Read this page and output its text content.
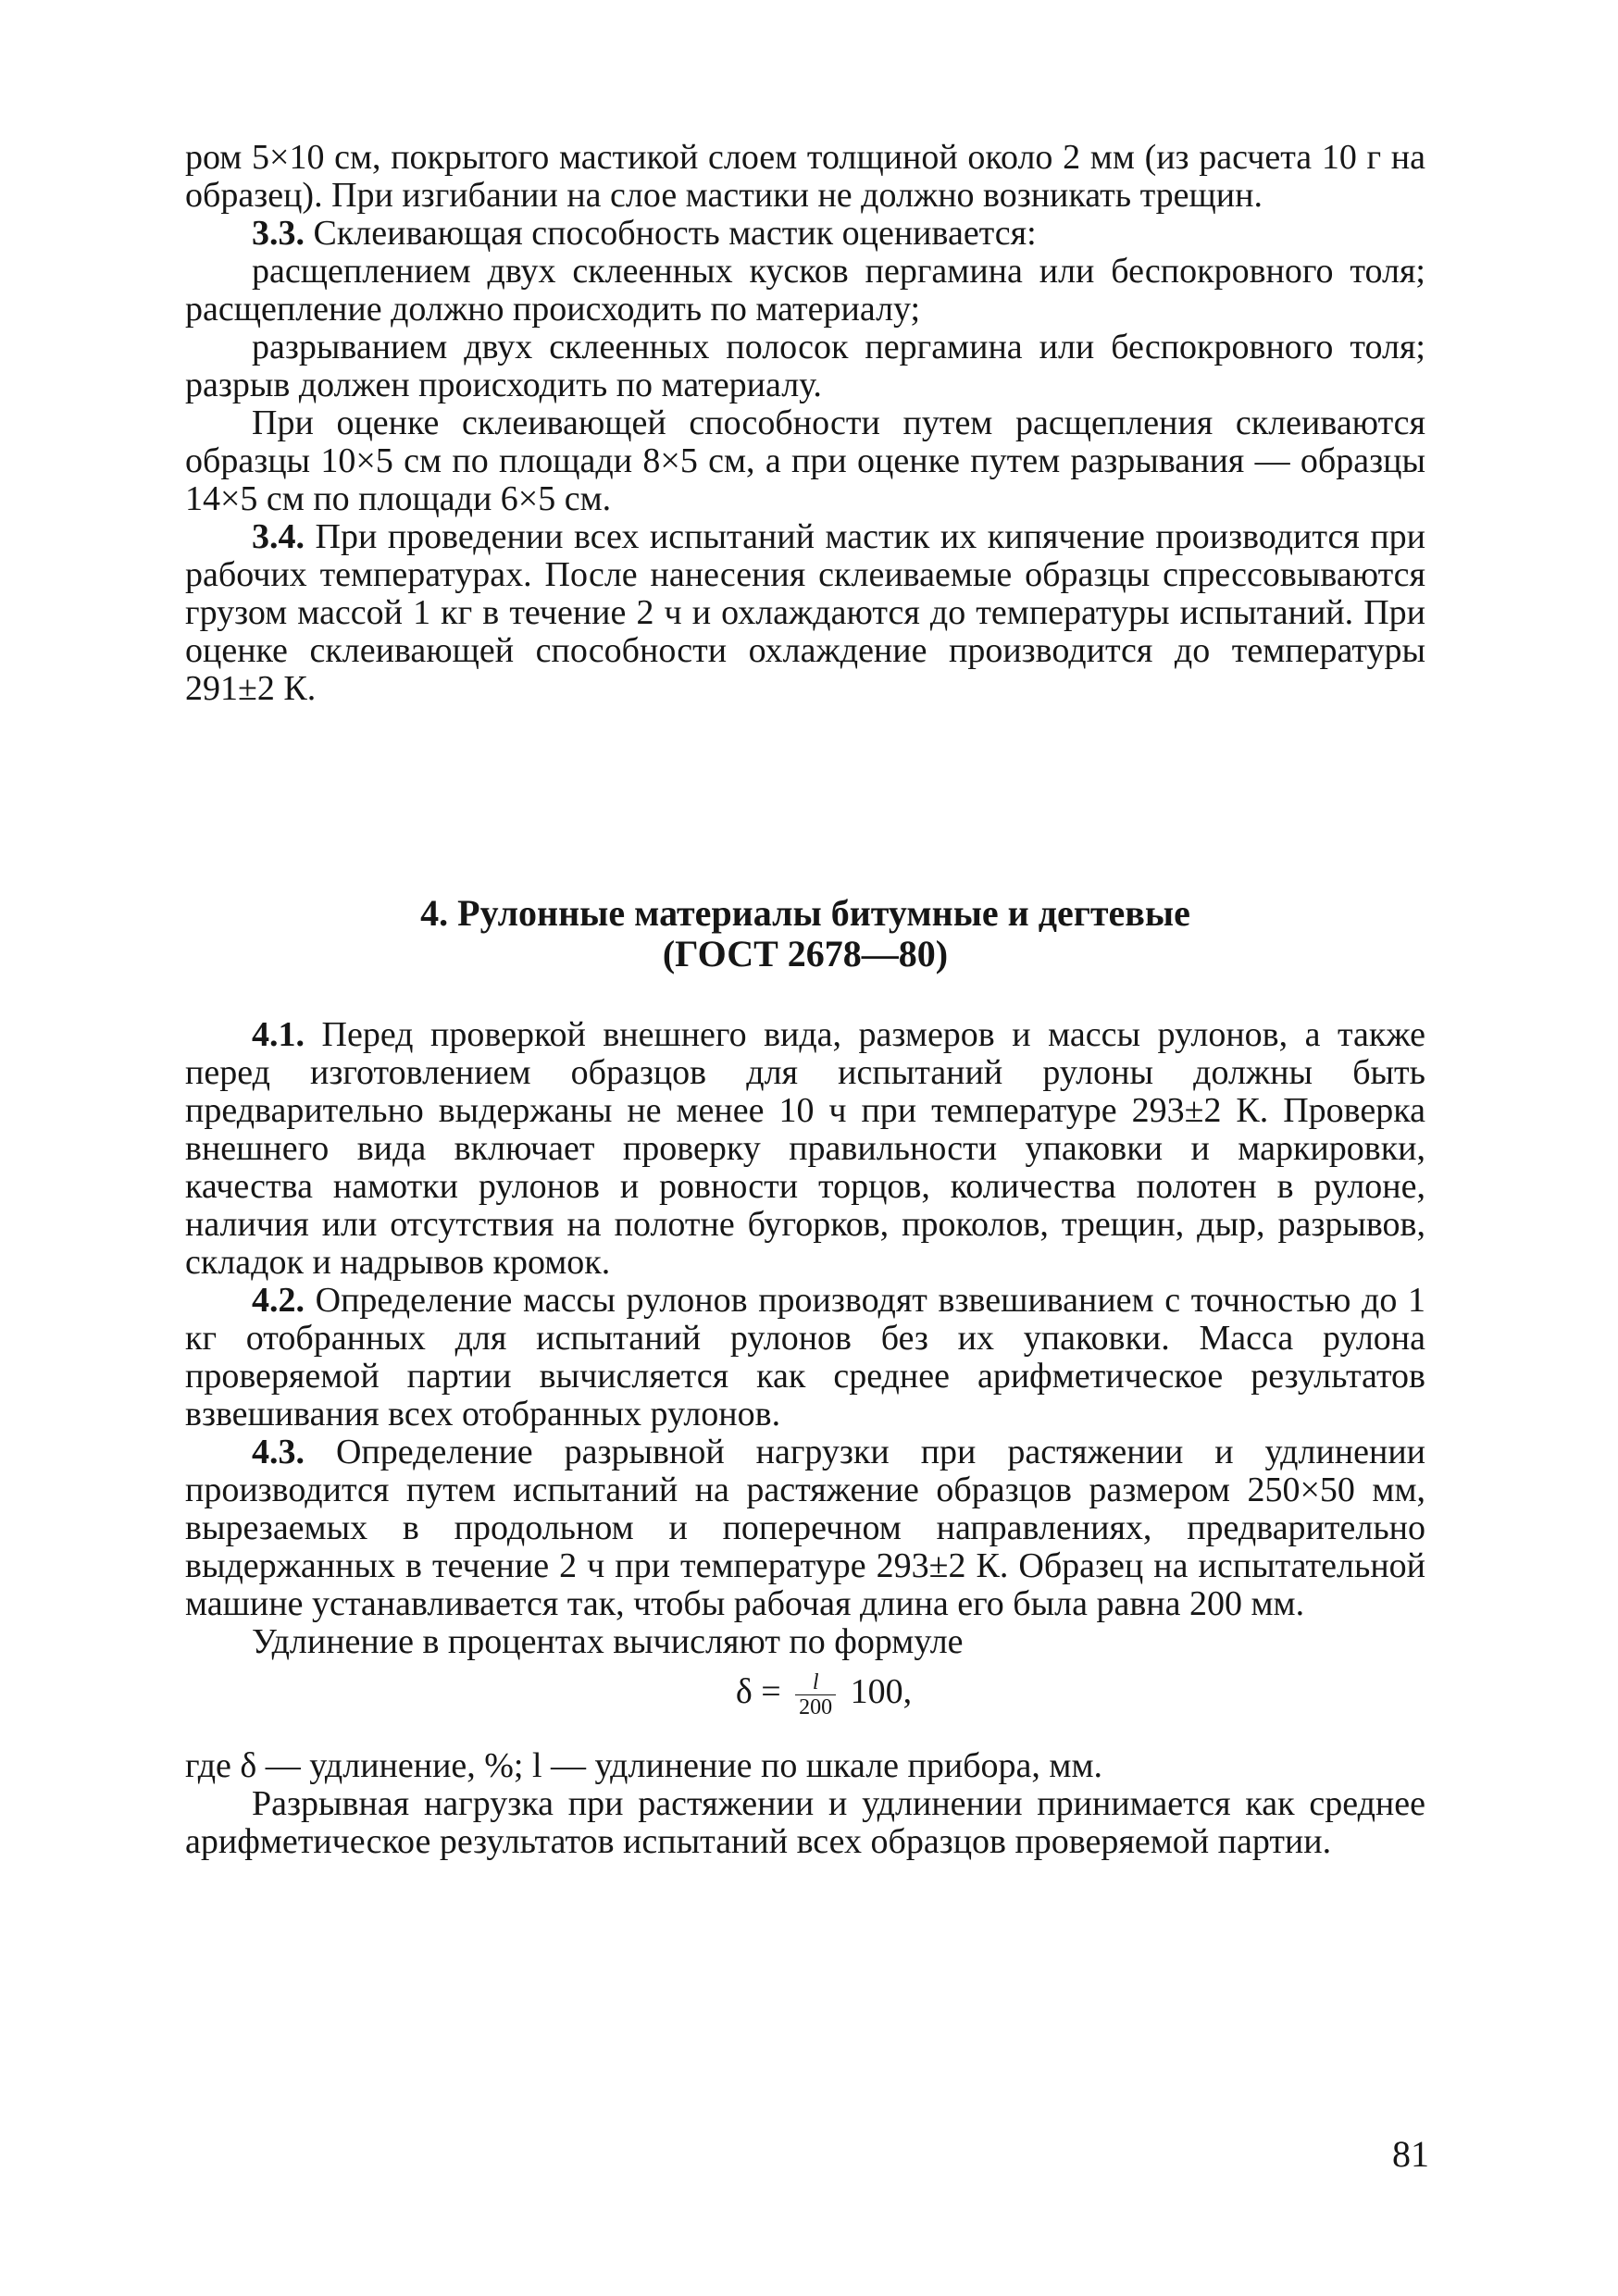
ром 5×10 см, покрытого мастикой слоем толщиной около 2 мм (из расчета 10 г на образец). При изгибании на слое мастики не должно возникать трещин.

3.3. Склеивающая способность мастик оценивается:

расщеплением двух склеенных кусков пергамина или беспокровного толя; расщепление должно происходить по материалу;

разрыванием двух склеенных полосок пергамина или беспокровного толя; разрыв должен происходить по материалу.

При оценке склеивающей способности путем расщепления склеиваются образцы 10×5 см по площади 8×5 см, а при оценке путем разрывания — образцы 14×5 см по площади 6×5 см.

3.4. При проведении всех испытаний мастик их кипячение производится при рабочих температурах. После нанесения склеиваемые образцы спрессовываются грузом массой 1 кг в течение 2 ч и охлаждаются до температуры испытаний. При оценке склеивающей способности охлаждение производится до температуры 291±2 К.

4. Рулонные материалы битумные и дегтевые
(ГОСТ 2678—80)

4.1. Перед проверкой внешнего вида, размеров и массы рулонов, а также перед изготовлением образцов для испытаний рулоны должны быть предварительно выдержаны не менее 10 ч при температуре 293±2 К. Проверка внешнего вида включает проверку правильности упаковки и маркировки, качества намотки рулонов и ровности торцов, количества полотен в рулоне, наличия или отсутствия на полотне бугорков, проколов, трещин, дыр, разрывов, складок и надрывов кромок.

4.2. Определение массы рулонов производят взвешиванием с точностью до 1 кг отобранных для испытаний рулонов без их упаковки. Масса рулона проверяемой партии вычисляется как среднее арифметическое результатов взвешивания всех отобранных рулонов.

4.3. Определение разрывной нагрузки при растяжении и удлинении производится путем испытаний на растяжение образцов размером 250×50 мм, вырезаемых в продольном и поперечном направлениях, предварительно выдержанных в течение 2 ч при температуре 293±2 К. Образец на испытательной машине устанавливается так, чтобы рабочая длина его была равна 200 мм.

Удлинение в процентах вычисляют по формуле

$\delta = \frac{l}{200} 100$,

где δ — удлинение, %; l — удлинение по шкале прибора, мм.

Разрывная нагрузка при растяжении и удлинении принимается как среднее арифметическое результатов испытаний всех образцов проверяемой партии.

81
